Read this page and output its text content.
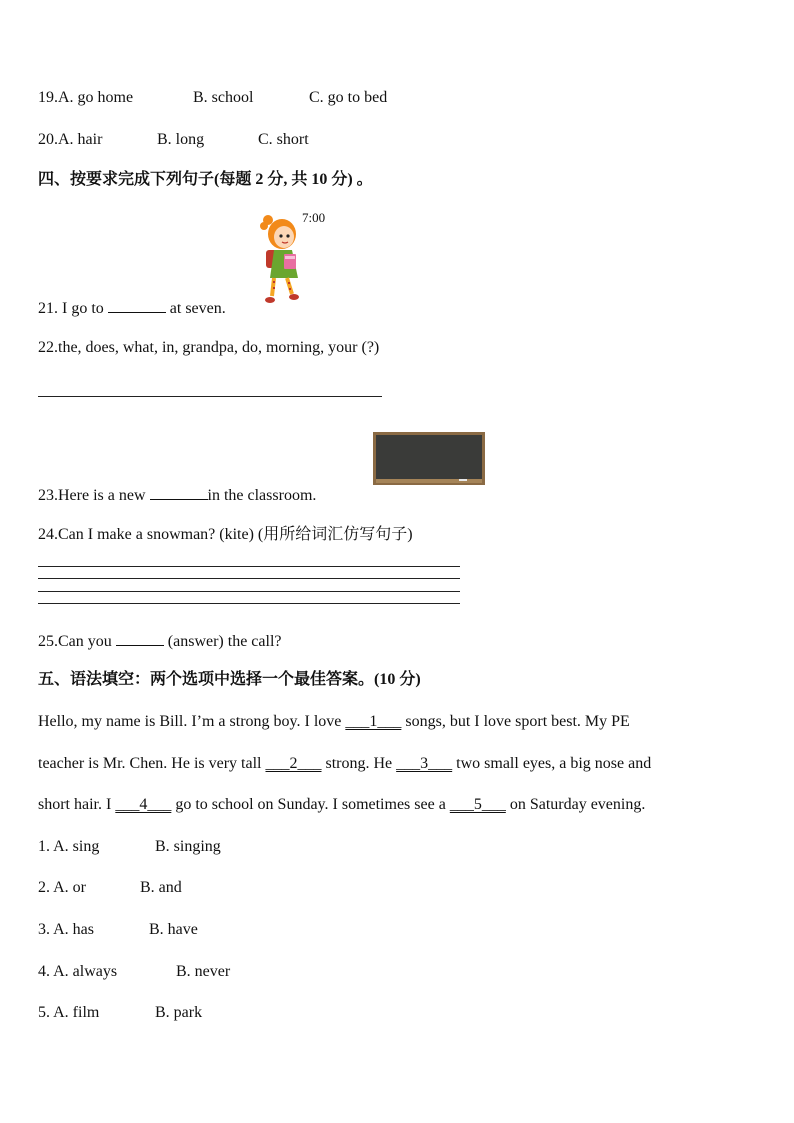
19.A. go home	B. school	C. go to bed
20.A. hair	B. long	C. short
四、按要求完成下列句子(每题 2 分, 共 10 分) 。
7:00
21. I go to	at seven.
22.the, does, what, in, grandpa, do, morning, your (?)
23.Here is a new	in the classroom.
24.Can I make a snowman? (kite) (用所给词汇仿写句子)
25.Can you	(answer) the call?
五、语法填空：两个选项中选择一个最佳答案。(10 分)
Hello, my name is Bill. I’m a strong boy. I love ___1___ songs, but I love sport best. My PE
teacher is Mr. Chen. He is very tall ___2___ strong. He ___3___ two small eyes, a big nose and
short hair. I ___4___ go to school on Sunday. I sometimes see a ___5___ on Saturday evening.
1. A. sing	B. singing
2. A. or	B. and
3. A. has	B. have
4. A. always	B. never
5. A. film	B. park
